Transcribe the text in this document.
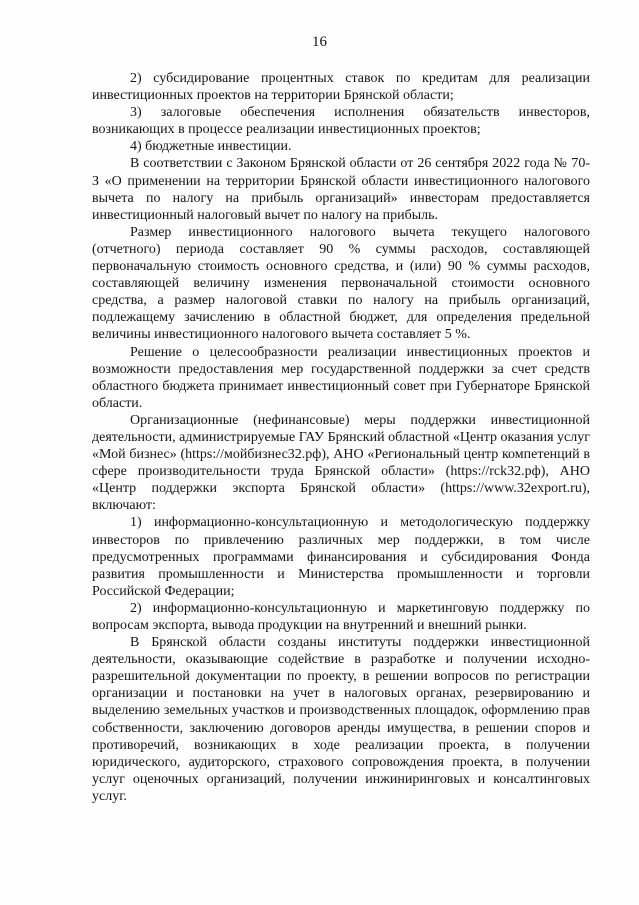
16

2) субсидирование процентных ставок по кредитам для реализации инвестиционных проектов на территории Брянской области;

3) залоговые обеспечения исполнения обязательств инвесторов, возникающих в процессе реализации инвестиционных проектов;

4) бюджетные инвестиции.

В соответствии с Законом Брянской области от 26 сентября 2022 года № 70-З «О применении на территории Брянской области инвестиционного налогового вычета по налогу на прибыль организаций» инвесторам предоставляется инвестиционный налоговый вычет по налогу на прибыль.

Размер инвестиционного налогового вычета текущего налогового (отчетного) периода составляет 90 % суммы расходов, составляющей первоначальную стоимость основного средства, и (или) 90 % суммы расходов, составляющей величину изменения первоначальной стоимости основного средства, а размер налоговой ставки по налогу на прибыль организаций, подлежащему зачислению в областной бюджет, для определения предельной величины инвестиционного налогового вычета составляет 5 %.

Решение о целесообразности реализации инвестиционных проектов и возможности предоставления мер государственной поддержки за счет средств областного бюджета принимает инвестиционный совет при Губернаторе Брянской области.

Организационные (нефинансовые) меры поддержки инвестиционной деятельности, администрируемые ГАУ Брянский областной «Центр оказания услуг «Мой бизнес» (https://мойбизнес32.рф), АНО «Региональный центр компетенций в сфере производительности труда Брянской области» (https://rck32.рф), АНО «Центр поддержки экспорта Брянской области» (https://www.32export.ru), включают:

1) информационно-консультационную и методологическую поддержку инвесторов по привлечению различных мер поддержки, в том числе предусмотренных программами финансирования и субсидирования Фонда развития промышленности и Министерства промышленности и торговли Российской Федерации;

2) информационно-консультационную и маркетинговую поддержку по вопросам экспорта, вывода продукции на внутренний и внешний рынки.

В Брянской области созданы институты поддержки инвестиционной деятельности, оказывающие содействие в разработке и получении исходно-разрешительной документации по проекту, в решении вопросов по регистрации организации и постановки на учет в налоговых органах, резервированию и выделению земельных участков и производственных площадок, оформлению прав собственности, заключению договоров аренды имущества, в решении споров и противоречий, возникающих в ходе реализации проекта, в получении юридического, аудиторского, страхового сопровождения проекта, в получении услуг оценочных организаций, получении инжиниринговых и консалтинговых услуг.
